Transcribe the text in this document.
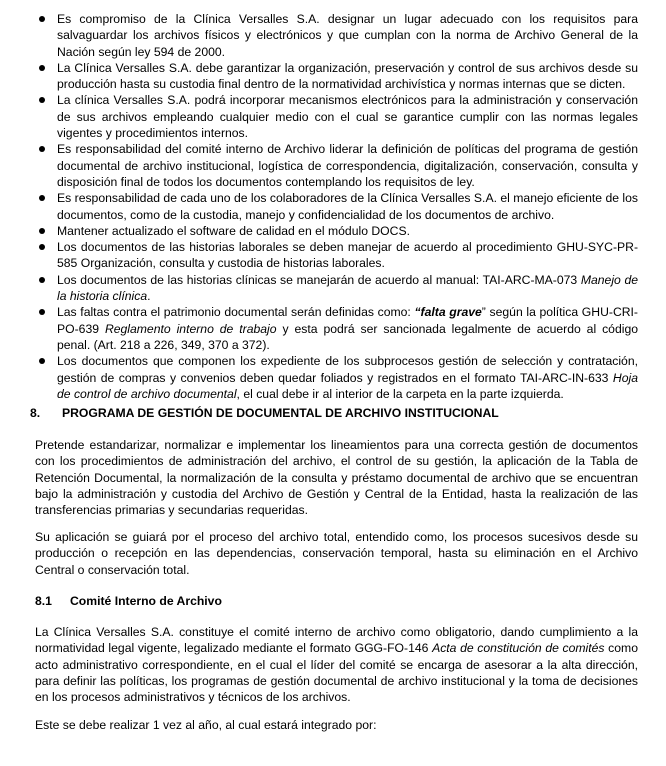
Es compromiso de la Clínica Versalles S.A. designar un lugar adecuado con los requisitos para salvaguardar los archivos físicos y electrónicos y que cumplan con la norma de Archivo General de la Nación según ley 594 de 2000.
La Clínica Versalles S.A. debe garantizar la organización, preservación y control de sus archivos desde su producción hasta su custodia final dentro de la normatividad archivística y normas internas que se dicten.
La clínica Versalles S.A. podrá incorporar mecanismos electrónicos para la administración y conservación de sus archivos empleando cualquier medio con el cual se garantice cumplir con las normas legales vigentes y procedimientos internos.
Es responsabilidad del comité interno de Archivo liderar la definición de políticas del programa de gestión documental de archivo institucional, logística de correspondencia, digitalización, conservación, consulta y disposición final de todos los documentos contemplando los requisitos de ley.
Es responsabilidad de cada uno de los colaboradores de la Clínica Versalles S.A. el manejo eficiente de los documentos, como de la custodia, manejo y confidencialidad de los documentos de archivo.
Mantener actualizado el software de calidad en el módulo DOCS.
Los documentos de las historias laborales se deben manejar de acuerdo al procedimiento GHU-SYC-PR-585 Organización, consulta y custodia de historias laborales.
Los documentos de las historias clínicas se manejarán de acuerdo al manual: TAI-ARC-MA-073 Manejo de la historia clínica.
Las faltas contra el patrimonio documental serán definidas como: “falta grave” según la política GHU-CRI-PO-639 Reglamento interno de trabajo y esta podrá ser sancionada legalmente de acuerdo al código penal. (Art. 218 a 226, 349, 370 a 372).
Los documentos que componen los expediente de los subprocesos gestión de selección y contratación, gestión de compras y convenios deben quedar foliados y registrados en el formato TAI-ARC-IN-633 Hoja de control de archivo documental, el cual debe ir al interior de la carpeta en la parte izquierda.
8. PROGRAMA DE GESTIÓN DE DOCUMENTAL DE ARCHIVO INSTITUCIONAL
Pretende estandarizar, normalizar e implementar los lineamientos para una correcta gestión de documentos con los procedimientos de administración del archivo, el control de su gestión, la aplicación de la Tabla de Retención Documental, la normalización de la consulta y préstamo documental de archivo que se encuentran bajo la administración y custodia del Archivo de Gestión y Central de la Entidad, hasta la realización de las transferencias primarias y secundarias requeridas.
Su aplicación se guiará por el proceso del archivo total, entendido como, los procesos sucesivos desde su producción o recepción en las dependencias, conservación temporal, hasta su eliminación en el Archivo Central o conservación total.
8.1 Comité Interno de Archivo
La Clínica Versalles S.A. constituye el comité interno de archivo como obligatorio, dando cumplimiento a la normatividad legal vigente, legalizado mediante el formato GGG-FO-146 Acta de constitución de comités como acto administrativo correspondiente, en el cual el líder del comité se encarga de asesorar a la alta dirección, para definir las políticas, los programas de gestión documental de archivo institucional y la toma de decisiones en los procesos administrativos y técnicos de los archivos.
Este se debe realizar 1 vez al año, al cual estará integrado por:
